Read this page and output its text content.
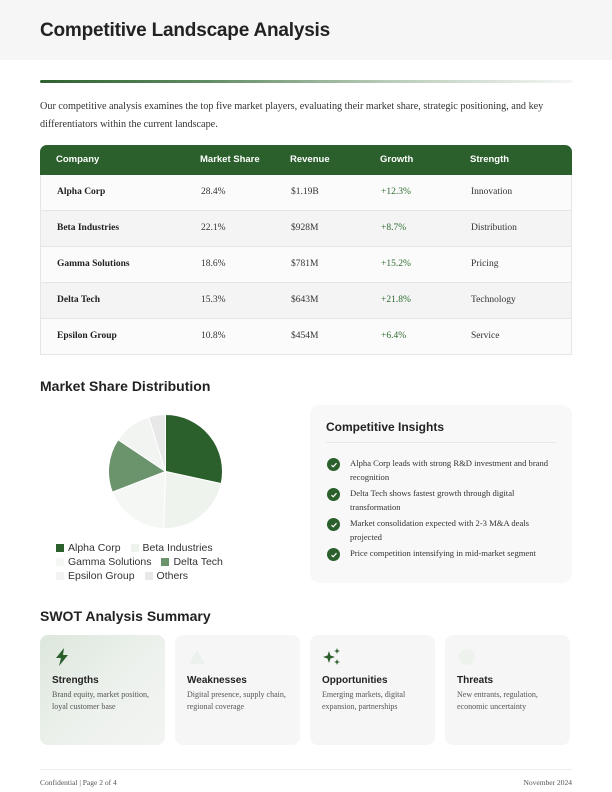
Competitive Landscape Analysis
Our competitive analysis examines the top five market players, evaluating their market share, strategic positioning, and key differentiators within the current landscape.
Company	Market Share	Revenue	Growth	Strength
Alpha Corp	28.4%	$1.19B	+12.3%	Innovation
Beta Industries	22.1%	$928M	+8.7%	Distribution
Gamma Solutions	18.6%	$781M	+15.2%	Pricing
Delta Tech	15.3%	$643M	+21.8%	Technology
Epsilon Group	10.8%	$454M	+6.4%	Service
Market Share Distribution
Alpha Corp Beta Industries
Gamma Solutions Delta Tech
Epsilon Group Others
Competitive Insights
Alpha Corp leads with strong R&D investment and brand recognition
Delta Tech shows fastest growth through digital transformation
Market consolidation expected with 2-3 M&A deals projected
Price competition intensifying in mid-market segment
SWOT Analysis Summary
Strengths
Brand equity, market position, loyal customer base
Weaknesses
Digital presence, supply chain, regional coverage
Opportunities
Emerging markets, digital expansion, partnerships
Threats
New entrants, regulation, economic uncertainty
Confidential | Page 2 of 4	November 2024
